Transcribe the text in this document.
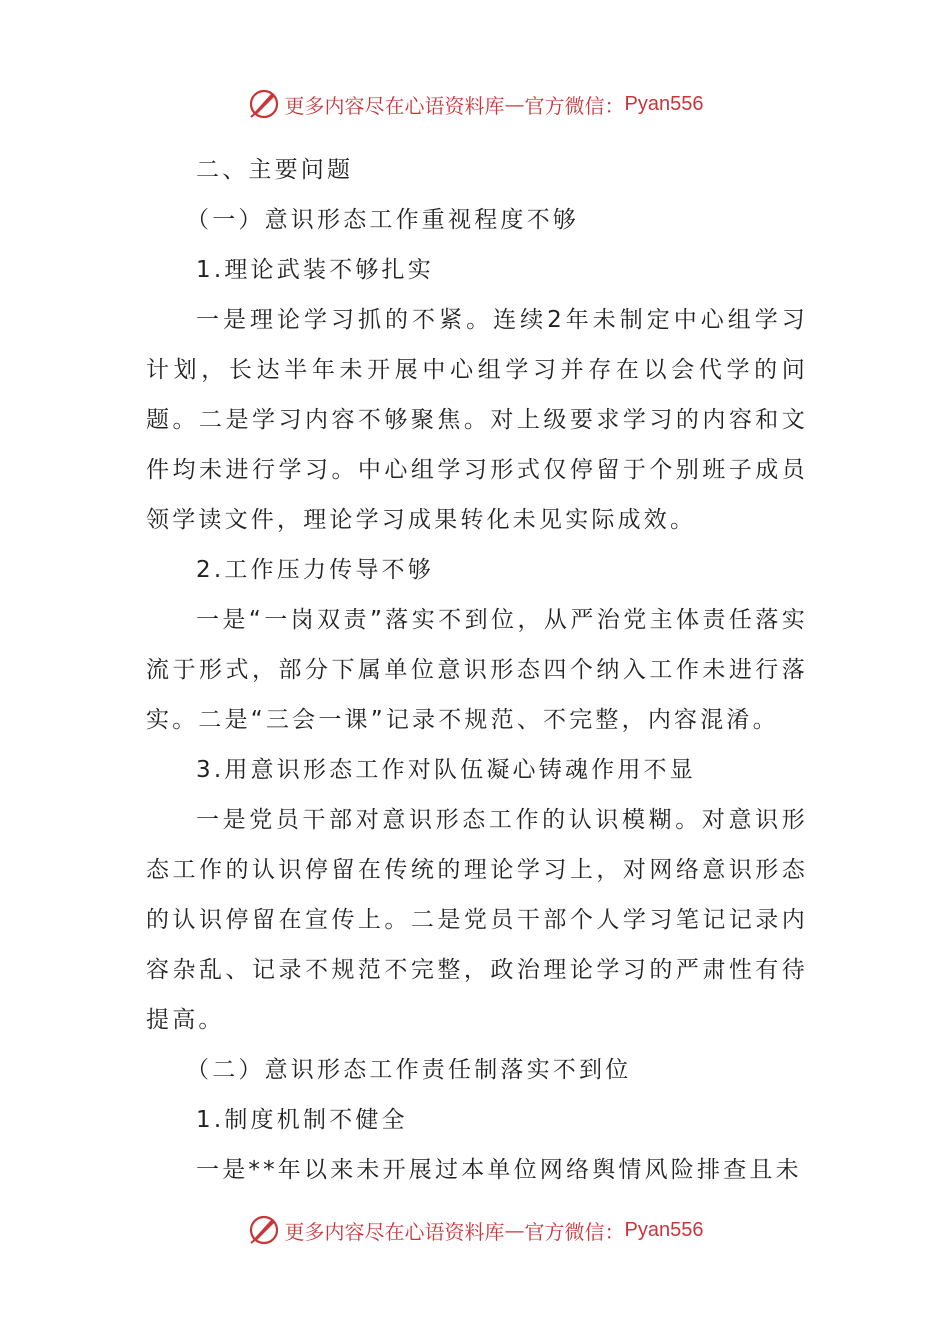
更多内容尽在心语资料库 — 官方微信： Pyan556

二、主要问题

（一）意识形态工作重视程度不够

1.理论武装不够扎实

一是理论学习抓的不紧。连续2年未制定中心组学习计划，长达半年未开展中心组学习并存在以会代学的问题。二是学习内容不够聚焦。对上级要求学习的内容和文件均未进行学习。中心组学习形式仅停留于个别班子成员领学读文件，理论学习成果转化未见实际成效。

2.工作压力传导不够

一是“一岗双责”落实不到位，从严治党主体责任落实流于形式，部分下属单位意识形态四个纳入工作未进行落实。二是“三会一课”记录不规范、不完整，内容混淆。

3.用意识形态工作对队伍凝心铸魂作用不显

一是党员干部对意识形态工作的认识模糊。对意识形态工作的认识停留在传统的理论学习上，对网络意识形态的认识停留在宣传上。二是党员干部个人学习笔记记录内容杂乱、记录不规范不完整，政治理论学习的严肃性有待提高。

（二）意识形态工作责任制落实不到位

1.制度机制不健全

一是**年以来未开展过本单位网络舆情风险排查且未

更多内容尽在心语资料库 — 官方微信： Pyan556
